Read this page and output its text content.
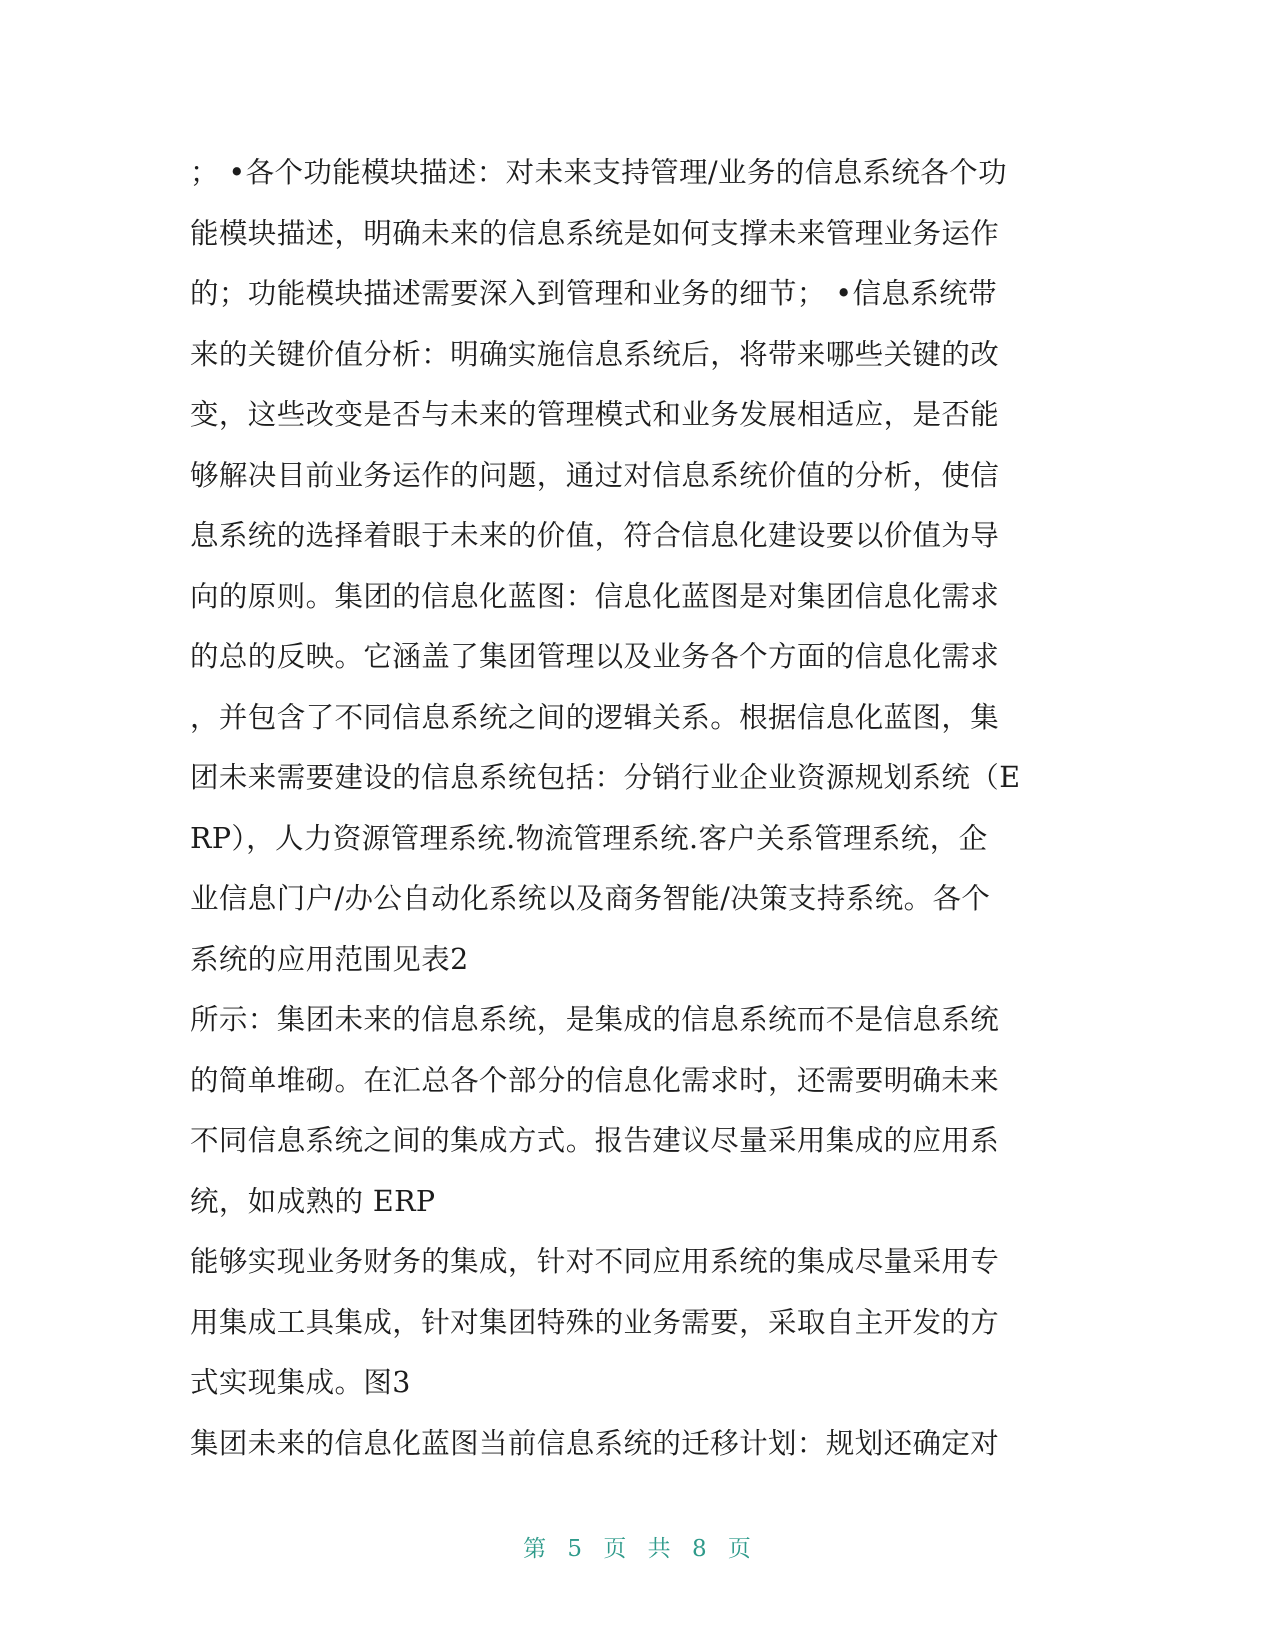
； •各个功能模块描述：对未来支持管理/业务的信息系统各个功
能模块描述，明确未来的信息系统是如何支撑未来管理业务运作
的；功能模块描述需要深入到管理和业务的细节； •信息系统带
来的关键价值分析：明确实施信息系统后，将带来哪些关键的改
变，这些改变是否与未来的管理模式和业务发展相适应，是否能
够解决目前业务运作的问题，通过对信息系统价值的分析，使信
息系统的选择着眼于未来的价值，符合信息化建设要以价值为导
向的原则。集团的信息化蓝图：信息化蓝图是对集团信息化需求
的总的反映。它涵盖了集团管理以及业务各个方面的信息化需求
，并包含了不同信息系统之间的逻辑关系。根据信息化蓝图，集
团未来需要建设的信息系统包括：分销行业企业资源规划系统（E
RP），人力资源管理系统.物流管理系统.客户关系管理系统，企
业信息门户/办公自动化系统以及商务智能/决策支持系统。各个
系统的应用范围见表2
所示：集团未来的信息系统，是集成的信息系统而不是信息系统
的简单堆砌。在汇总各个部分的信息化需求时，还需要明确未来
不同信息系统之间的集成方式。报告建议尽量采用集成的应用系
统，如成熟的 ERP
能够实现业务财务的集成，针对不同应用系统的集成尽量采用专
用集成工具集成，针对集团特殊的业务需要，采取自主开发的方
式实现集成。图3
集团未来的信息化蓝图当前信息系统的迁移计划：规划还确定对
第 5 页 共 8 页
